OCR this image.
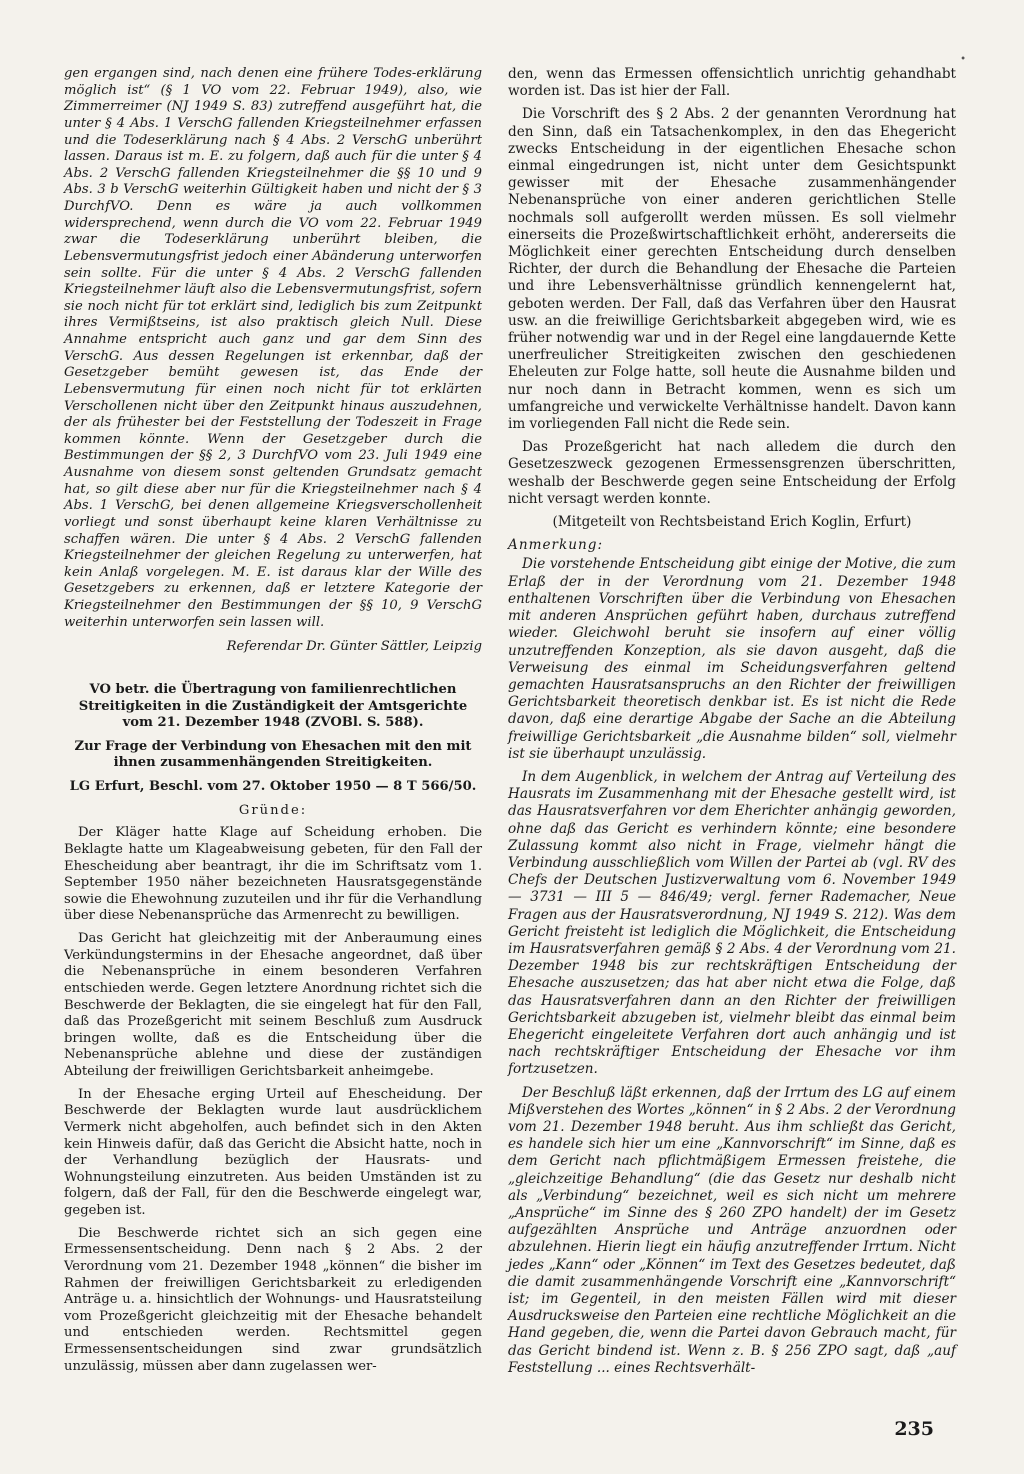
•

gen ergangen sind, nach denen eine frühere Todes-erklärung möglich ist“ (§ 1 VO vom 22. Februar 1949), also, wie Zimmerreimer (NJ 1949 S. 83) zutreffend ausgeführt hat, die unter § 4 Abs. 1 VerschG fallenden Kriegsteilnehmer erfassen und die Todeserklärung nach § 4 Abs. 2 VerschG unberührt lassen. Daraus ist m. E. zu folgern, daß auch für die unter § 4 Abs. 2 VerschG fallenden Kriegsteilnehmer die §§ 10 und 9 Abs. 3 b VerschG weiterhin Gültigkeit haben und nicht der § 3 DurchfVO. Denn es wäre ja auch vollkommen widersprechend, wenn durch die VO vom 22. Februar 1949 zwar die Todeserklärung unberührt bleiben, die Lebensvermutungsfrist jedoch einer Abänderung unterworfen sein sollte. Für die unter § 4 Abs. 2 VerschG fallenden Kriegsteilnehmer läuft also die Lebensvermutungsfrist, sofern sie noch nicht für tot erklärt sind, lediglich bis zum Zeitpunkt ihres Vermißtseins, ist also praktisch gleich Null. Diese Annahme entspricht auch ganz und gar dem Sinn des VerschG. Aus dessen Regelungen ist erkennbar, daß der Gesetzgeber bemüht gewesen ist, das Ende der Lebensvermutung für einen noch nicht für tot erklärten Verschollenen nicht über den Zeitpunkt hinaus auszudehnen, der als frühester bei der Feststellung der Todeszeit in Frage kommen könnte. Wenn der Gesetzgeber durch die Bestimmungen der §§ 2, 3 DurchfVO vom 23. Juli 1949 eine Ausnahme von diesem sonst geltenden Grundsatz gemacht hat, so gilt diese aber nur für die Kriegsteilnehmer nach § 4 Abs. 1 VerschG, bei denen allgemeine Kriegsverschollenheit vorliegt und sonst überhaupt keine klaren Verhältnisse zu schaffen wären. Die unter § 4 Abs. 2 VerschG fallenden Kriegsteilnehmer der gleichen Regelung zu unterwerfen, hat kein Anlaß vorgelegen. M. E. ist daraus klar der Wille des Gesetzgebers zu erkennen, daß er letztere Kategorie der Kriegsteilnehmer den Bestimmungen der §§ 10, 9 VerschG weiterhin unterworfen sein lassen will.

Referendar Dr. Günter Sättler, Leipzig

VO betr. die Übertragung von familienrechtlichen Streitigkeiten in die Zuständigkeit der Amtsgerichte vom 21. Dezember 1948 (ZVOBl. S. 588).

Zur Frage der Verbindung von Ehesachen mit den mit ihnen zusammenhängenden Streitigkeiten.

LG Erfurt, Beschl. vom 27. Oktober 1950 — 8 T 566/50.

Gründe:

Der Kläger hatte Klage auf Scheidung erhoben. Die Beklagte hatte um Klageabweisung gebeten, für den Fall der Ehescheidung aber beantragt, ihr die im Schriftsatz vom 1. September 1950 näher bezeichneten Hausratsgegenstände sowie die Ehewohnung zuzuteilen und ihr für die Verhandlung über diese Nebenansprüche das Armenrecht zu bewilligen.

Das Gericht hat gleichzeitig mit der Anberaumung eines Verkündungstermins in der Ehesache angeordnet, daß über die Nebenansprüche in einem besonderen Verfahren entschieden werde. Gegen letztere Anordnung richtet sich die Beschwerde der Beklagten, die sie eingelegt hat für den Fall, daß das Prozeßgericht mit seinem Beschluß zum Ausdruck bringen wollte, daß es die Entscheidung über die Nebenansprüche ablehne und diese der zuständigen Abteilung der freiwilligen Gerichtsbarkeit anheimgebe.

In der Ehesache erging Urteil auf Ehescheidung. Der Beschwerde der Beklagten wurde laut ausdrücklichem Vermerk nicht abgeholfen, auch befindet sich in den Akten kein Hinweis dafür, daß das Gericht die Absicht hatte, noch in der Verhandlung bezüglich der Hausrats- und Wohnungsteilung einzutreten. Aus beiden Umständen ist zu folgern, daß der Fall, für den die Beschwerde eingelegt war, gegeben ist.

Die Beschwerde richtet sich an sich gegen eine Ermessensentscheidung. Denn nach § 2 Abs. 2 der Verordnung vom 21. Dezember 1948 „können“ die bisher im Rahmen der freiwilligen Gerichtsbarkeit zu erledigenden Anträge u. a. hinsichtlich der Wohnungs- und Hausratsteilung vom Prozeßgericht gleichzeitig mit der Ehesache behandelt und entschieden werden. Rechtsmittel gegen Ermessensentscheidungen sind zwar grundsätzlich unzulässig, müssen aber dann zugelassen wer-

den, wenn das Ermessen offensichtlich unrichtig gehandhabt worden ist. Das ist hier der Fall.

Die Vorschrift des § 2 Abs. 2 der genannten Verordnung hat den Sinn, daß ein Tatsachenkomplex, in den das Ehegericht zwecks Entscheidung in der eigentlichen Ehesache schon einmal eingedrungen ist, nicht unter dem Gesichtspunkt gewisser mit der Ehesache zusammenhängender Nebenansprüche von einer anderen gerichtlichen Stelle nochmals soll aufgerollt werden müssen. Es soll vielmehr einerseits die Prozeßwirtschaftlichkeit erhöht, andererseits die Möglichkeit einer gerechten Entscheidung durch denselben Richter, der durch die Behandlung der Ehesache die Parteien und ihre Lebensverhältnisse gründlich kennengelernt hat, geboten werden. Der Fall, daß das Verfahren über den Hausrat usw. an die freiwillige Gerichtsbarkeit abgegeben wird, wie es früher notwendig war und in der Regel eine langdauernde Kette unerfreulicher Streitigkeiten zwischen den geschiedenen Eheleuten zur Folge hatte, soll heute die Ausnahme bilden und nur noch dann in Betracht kommen, wenn es sich um umfangreiche und verwickelte Verhältnisse handelt. Davon kann im vorliegenden Fall nicht die Rede sein.

Das Prozeßgericht hat nach alledem die durch den Gesetzeszweck gezogenen Ermessensgrenzen überschritten, weshalb der Beschwerde gegen seine Entscheidung der Erfolg nicht versagt werden konnte.

(Mitgeteilt von Rechtsbeistand Erich Koglin, Erfurt)

Anmerkung:

Die vorstehende Entscheidung gibt einige der Motive, die zum Erlaß der in der Verordnung vom 21. Dezember 1948 enthaltenen Vorschriften über die Verbindung von Ehesachen mit anderen Ansprüchen geführt haben, durchaus zutreffend wieder. Gleichwohl beruht sie insofern auf einer völlig unzutreffenden Konzeption, als sie davon ausgeht, daß die Verweisung des einmal im Scheidungsverfahren geltend gemachten Hausratsanspruchs an den Richter der freiwilligen Gerichtsbarkeit theoretisch denkbar ist. Es ist nicht die Rede davon, daß eine derartige Abgabe der Sache an die Abteilung freiwillige Gerichtsbarkeit „die Ausnahme bilden“ soll, vielmehr ist sie überhaupt unzulässig.

In dem Augenblick, in welchem der Antrag auf Verteilung des Hausrats im Zusammenhang mit der Ehesache gestellt wird, ist das Hausratsverfahren vor dem Eherichter anhängig geworden, ohne daß das Gericht es verhindern könnte; eine besondere Zulassung kommt also nicht in Frage, vielmehr hängt die Verbindung ausschließlich vom Willen der Partei ab (vgl. RV des Chefs der Deutschen Justizverwaltung vom 6. November 1949 — 3731 — III 5 — 846/49; vergl. ferner Rademacher, Neue Fragen aus der Hausratsverordnung, NJ 1949 S. 212). Was dem Gericht freisteht ist lediglich die Möglichkeit, die Entscheidung im Hausratsverfahren gemäß § 2 Abs. 4 der Verordnung vom 21. Dezember 1948 bis zur rechtskräftigen Entscheidung der Ehesache auszusetzen; das hat aber nicht etwa die Folge, daß das Hausratsverfahren dann an den Richter der freiwilligen Gerichtsbarkeit abzugeben ist, vielmehr bleibt das einmal beim Ehegericht eingeleitete Verfahren dort auch anhängig und ist nach rechtskräftiger Entscheidung der Ehesache vor ihm fortzusetzen.

Der Beschluß läßt erkennen, daß der Irrtum des LG auf einem Mißverstehen des Wortes „können“ in § 2 Abs. 2 der Verordnung vom 21. Dezember 1948 beruht. Aus ihm schließt das Gericht, es handele sich hier um eine „Kannvorschrift“ im Sinne, daß es dem Gericht nach pflichtmäßigem Ermessen freistehe, die „gleichzeitige Behandlung“ (die das Gesetz nur deshalb nicht als „Verbindung“ bezeichnet, weil es sich nicht um mehrere „Ansprüche“ im Sinne des § 260 ZPO handelt) der im Gesetz aufgezählten Ansprüche und Anträge anzuordnen oder abzulehnen. Hierin liegt ein häufig anzutreffender Irrtum. Nicht jedes „Kann“ oder „Können“ im Text des Gesetzes bedeutet, daß die damit zusammenhängende Vorschrift eine „Kannvorschrift“ ist; im Gegenteil, in den meisten Fällen wird mit dieser Ausdrucksweise den Parteien eine rechtliche Möglichkeit an die Hand gegeben, die, wenn die Partei davon Gebrauch macht, für das Gericht bindend ist. Wenn z. B. § 256 ZPO sagt, daß „auf Feststellung ... eines Rechtsverhält-

235
